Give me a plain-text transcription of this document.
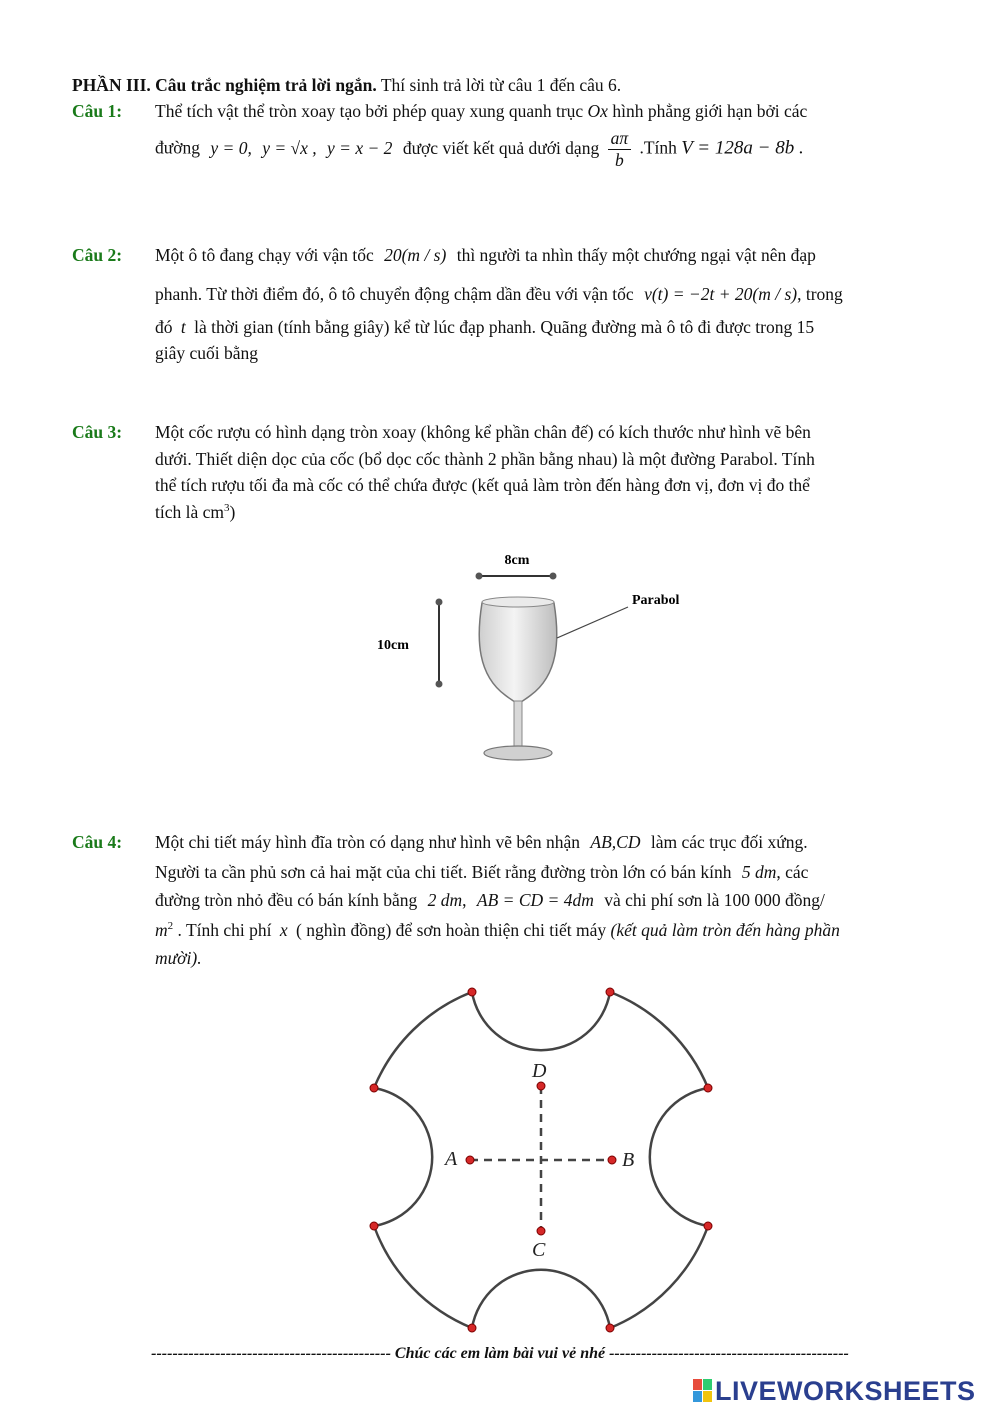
PHẦN III. Câu trắc nghiệm trả lời ngắn. Thí sinh trả lời từ câu 1 đến câu 6.
Câu 1: Thể tích vật thể tròn xoay tạo bởi phép quay xung quanh trục Ox hình phẳng giới hạn bởi các
đường y = 0, y = √x , y = x − 2 được viết kết quả dưới dạng $\frac{a\pi}{b}$ .Tính V = 128a − 8b .
Câu 2: Một ô tô đang chạy với vận tốc 20(m / s) thì người ta nhìn thấy một chướng ngại vật nên đạp
phanh. Từ thời điểm đó, ô tô chuyển động chậm dần đều với vận tốc v(t) = −2t + 20(m / s), trong
đó t là thời gian (tính bằng giây) kể từ lúc đạp phanh. Quãng đường mà ô tô đi được trong 15
giây cuối bằng
Câu 3: Một cốc rượu có hình dạng tròn xoay (không kể phần chân đế) có kích thước như hình vẽ bên
dưới. Thiết diện dọc của cốc (bổ dọc cốc thành 2 phần bằng nhau) là một đường Parabol. Tính
thể tích rượu tối đa mà cốc có thể chứa được (kết quả làm tròn đến hàng đơn vị, đơn vị đo thể
tích là $cm^3$)
8cm
10cm
Parabol
Câu 4: Một chi tiết máy hình đĩa tròn có dạng như hình vẽ bên nhận AB,CD làm các trục đối xứng.
Người ta cần phủ sơn cả hai mặt của chi tiết. Biết rằng đường tròn lớn có bán kính 5 dm, các
đường tròn nhỏ đều có bán kính bằng 2 dm, AB = CD = 4dm và chi phí sơn là 100 000 đồng/
$m^2$ . Tính chi phí x ( nghìn đồng) để sơn hoàn thiện chi tiết máy (kết quả làm tròn đến hàng phần
mười).
A	B
D
C
--------------------------------------------- Chúc các em làm bài vui vẻ nhé ---------------------------------------------
LIVEWORKSHEETS
